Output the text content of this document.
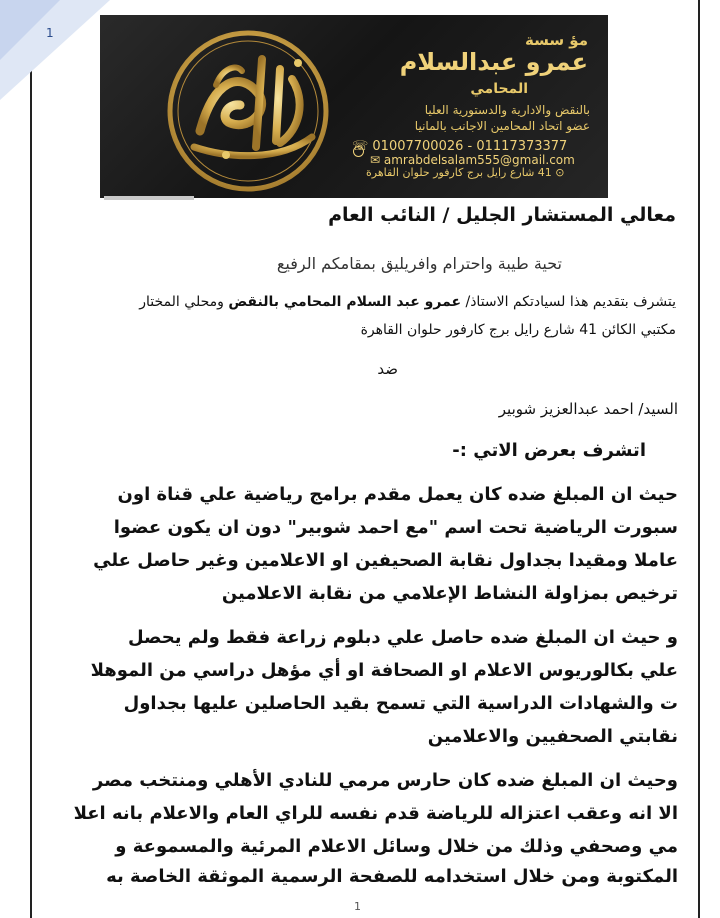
1	مؤ سسة
عمرو عبدالسلام
المحامي
بالنقض والادارية والدستورية العليا
عضو اتحاد المحامين الاجانب بالمانيا
☏ 01007700026 - 01117373377
✉ amrabdelsalam555@gmail.com
⊙ 41 شارع رايل برج كارفور حلوان القاهرة
معالي المستشار الجليل / النائب العام
تحية طيبة واحترام وافريليق بمقامكم الرفيع
يتشرف بتقديم هذا لسيادتكم الاستاذ/ عمرو عبد السلام المحامي بالنقض ومحلي المختار
مكتبي الكائن 41 شارع رايل برج كارفور حلوان القاهرة
ضد
السيد/ احمد عبدالعزيز شوبير
اتشرف بعرض الاتي :-
حيث ان المبلغ ضده كان يعمل مقدم برامج رياضية علي قناة اون
سبورت الرياضية تحت اسم "مع احمد شوبير" دون ان يكون عضوا
عاملا ومقيدا بجداول نقابة الصحيفين او الاعلامين وغير حاصل علي
ترخيص بمزاولة النشاط الإعلامي من نقابة الاعلامين
و حيث ان المبلغ ضده حاصل علي دبلوم زراعة فقط ولم يحصل
علي بكالوريوس الاعلام او الصحافة او أي مؤهل دراسي من الموهلا
ت والشهادات الدراسية التي تسمح بقيد الحاصلين عليها بجداول
نقابتي الصحفيين والاعلامين
وحيث ان المبلغ ضده كان حارس مرمي للنادي الأهلي ومنتخب مصر
الا انه وعقب اعتزاله للرياضة قدم نفسه للراي العام والاعلام بانه اعلا
مي وصحفي وذلك من خلال وسائل الاعلام المرئية والمسموعة و
المكتوبة ومن خلال استخدامه للصفحة الرسمية الموثقة الخاصة به
1
